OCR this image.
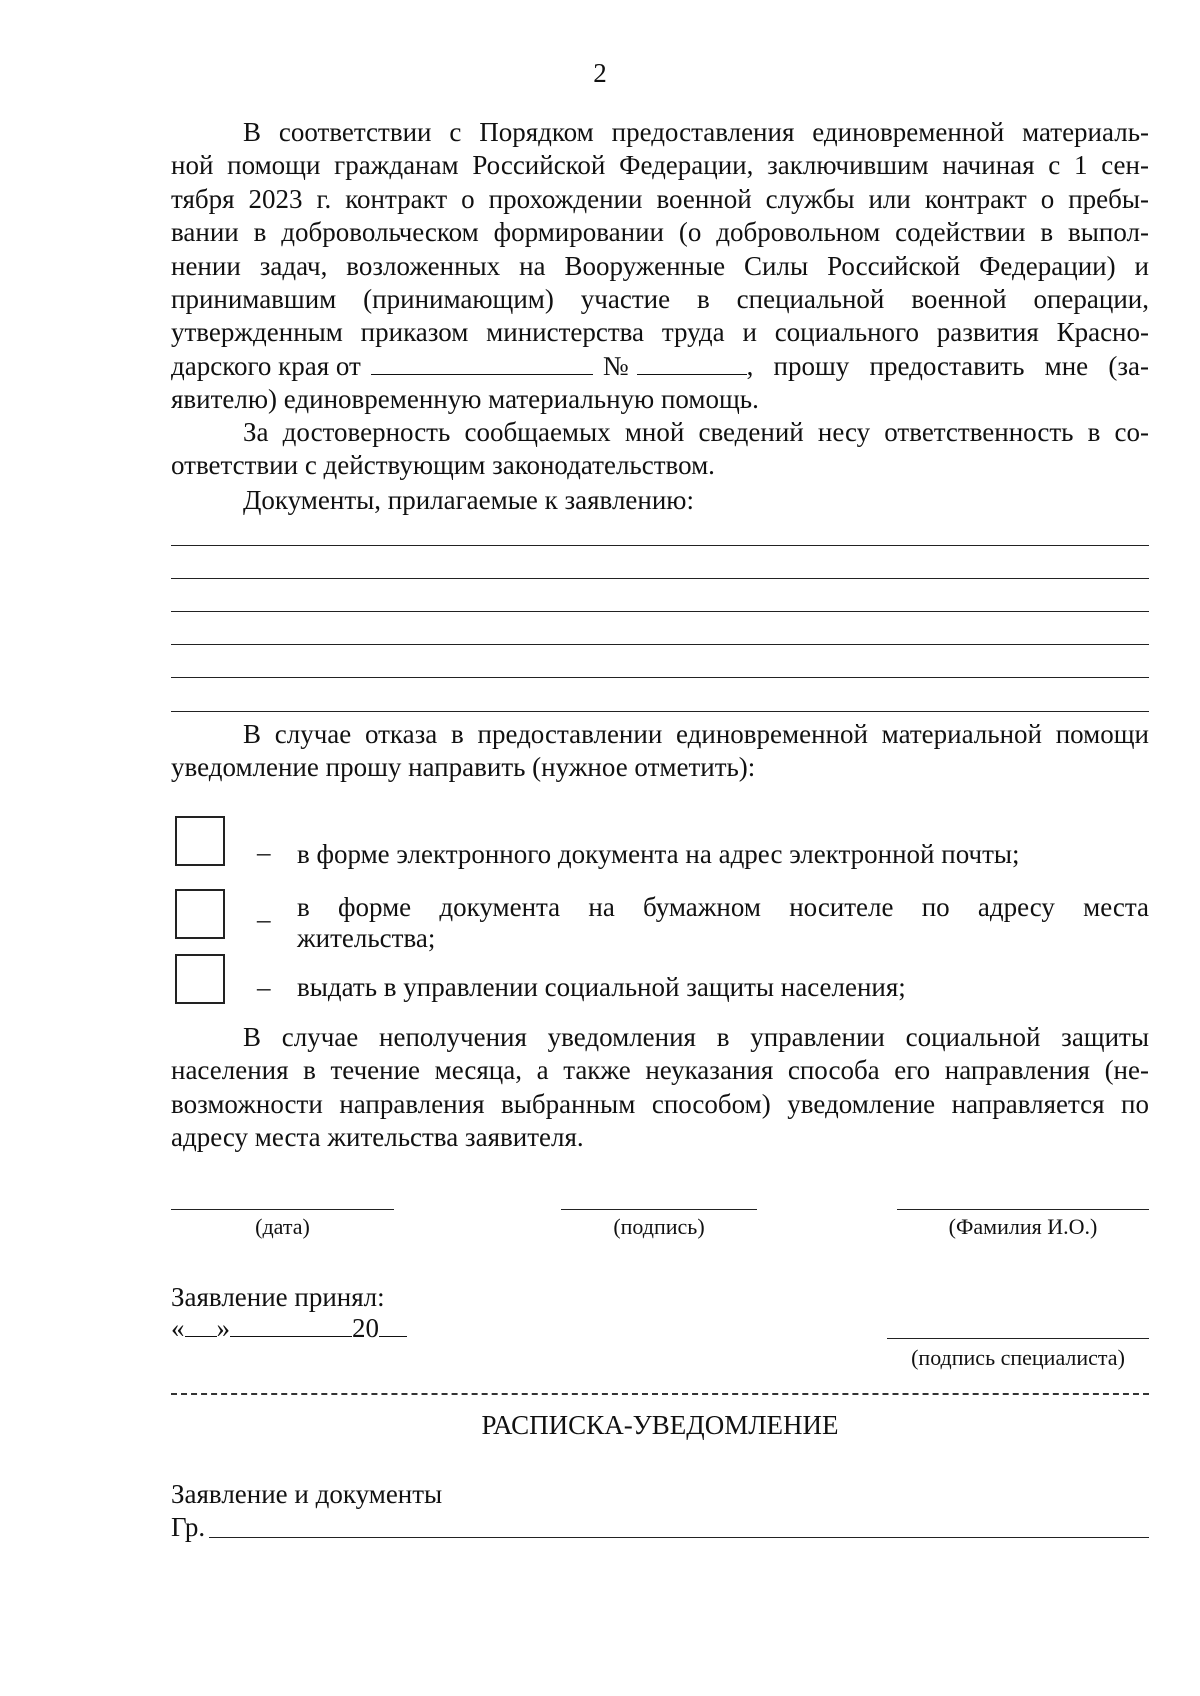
2
В соответствии с Порядком предоставления единовременной материаль-
ной помощи гражданам Российской Федерации, заключившим начиная с 1 сен-
тября 2023 г. контракт о прохождении военной службы или контракт о пребы-
вании в добровольческом формировании (о добровольном содействии в выпол-
нении задач, возложенных на Вооруженные Силы Российской Федерации) и
принимавшим (принимающим) участие в специальной военной операции,
утвержденным приказом министерства труда и социального развития Красно-
дарского края от	№	, прошу предоставить мне (за-
явителю) единовременную материальную помощь.
За достоверность сообщаемых мной сведений несу ответственность в со-
ответствии с действующим законодательством.
Документы, прилагаемые к заявлению:
В случае отказа в предоставлении единовременной материальной помощи
уведомление прошу направить (нужное отметить):
– в форме электронного документа на адрес электронной почты;
_ в форме документа на бумажном носителе по адресу места
жительства;
– выдать в управлении социальной защиты населения;
В случае неполучения уведомления в управлении социальной защиты
населения в течение месяца, а также неуказания способа его направления (не-
возможности направления выбранным способом) уведомление направляется по
адресу места жительства заявителя.
(дата)	(подпись)	(Фамилия И.О.)
Заявление принял:
« »	20
(подпись специалиста)
РАСПИСКА-УВЕДОМЛЕНИЕ
Заявление и документы
Гр.
